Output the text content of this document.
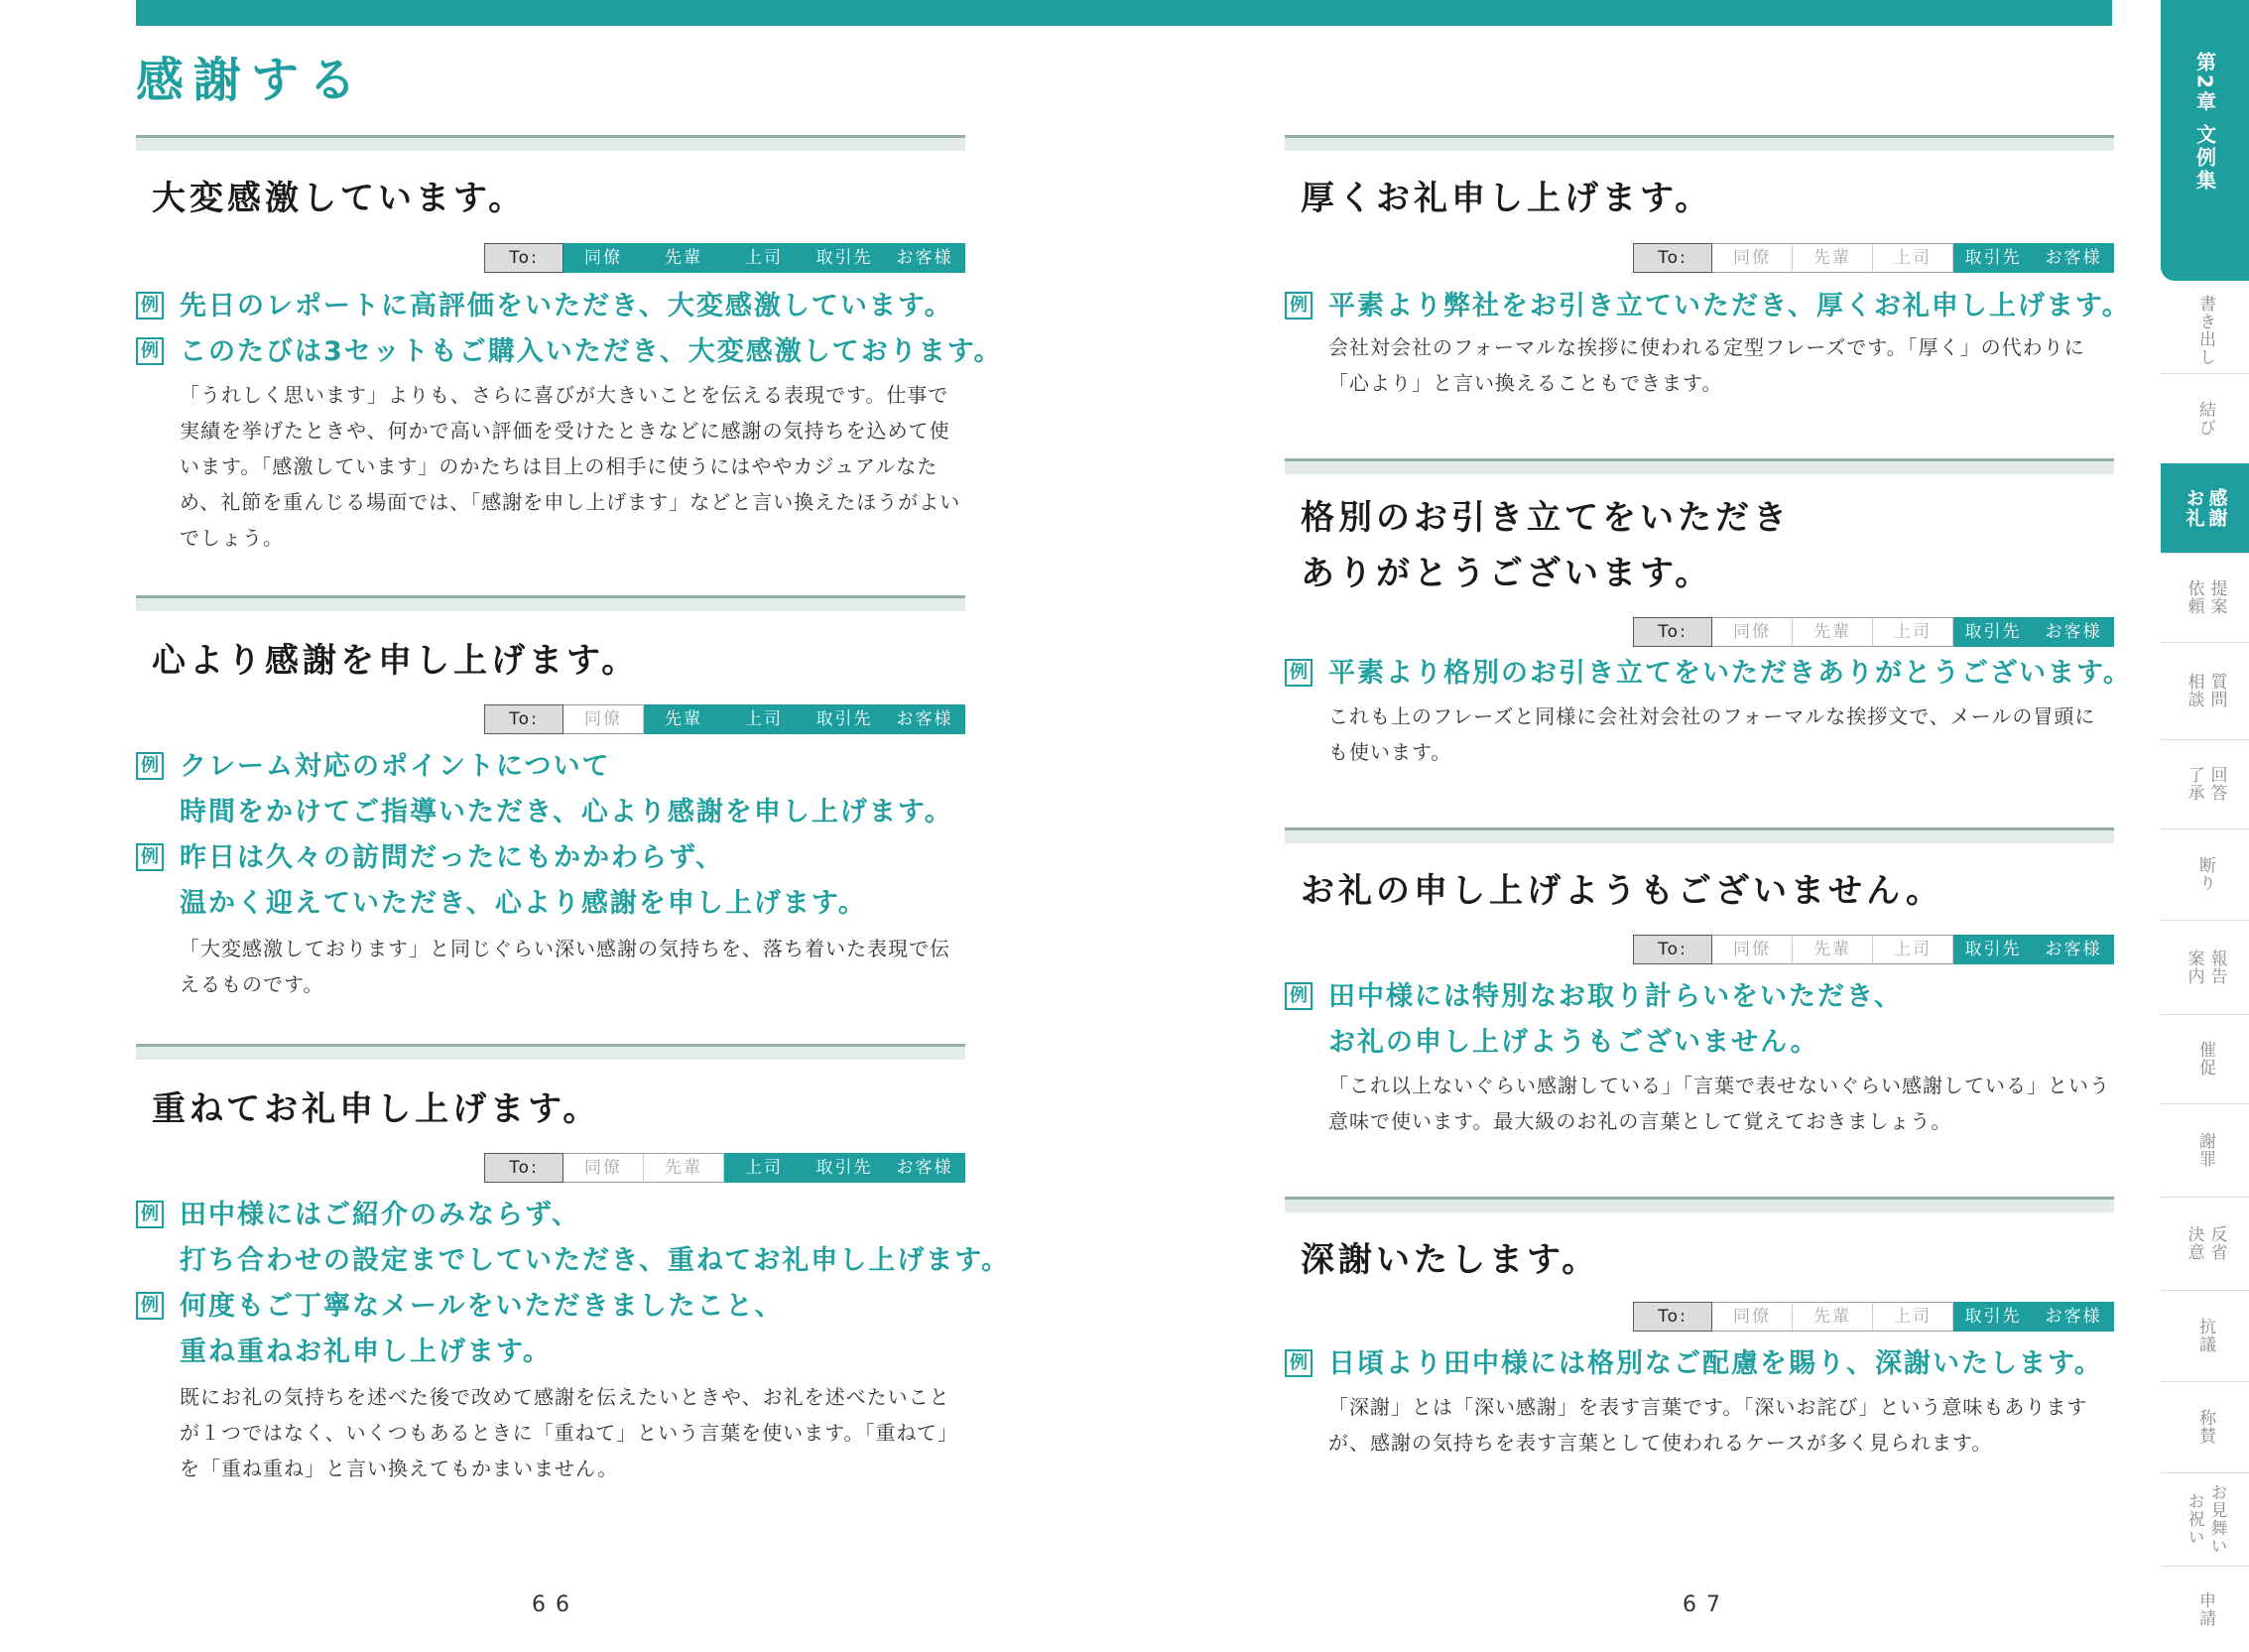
感謝する
大変感激しています。
To:	同僚	先輩	上司	取引先	お客様
例 先日のレポートに高評価をいただき、大変感激しています。
例 このたびは3セットもご購入いただき、大変感激しております。

「うれしく思います」よりも、さらに喜びが大きいことを伝える表現です。仕事で実績を挙げたときや、何かで高い評価を受けたときなどに感謝の気持ちを込めて使います。「感激しています」のかたちは目上の相手に使うにはややカジュアルなため、礼節を重んじる場面では、「感謝を申し上げます」などと言い換えたほうがよいでしょう。

心より感謝を申し上げます。
To:	同僚	先輩	上司	取引先	お客様
例 クレーム対応のポイントについて
時間をかけてご指導いただき、心より感謝を申し上げます。
例 昨日は久々の訪問だったにもかかわらず、
温かく迎えていただき、心より感謝を申し上げます。

「大変感激しております」と同じぐらい深い感謝の気持ちを、落ち着いた表現で伝えるものです。

重ねてお礼申し上げます。
To:	同僚	先輩	上司	取引先	お客様
例 田中様にはご紹介のみならず、
打ち合わせの設定までしていただき、重ねてお礼申し上げます。
例 何度もご丁寧なメールをいただきましたこと、
重ね重ねお礼申し上げます。

既にお礼の気持ちを述べた後で改めて感謝を伝えたいときや、お礼を述べたいことが１つではなく、いくつもあるときに「重ねて」という言葉を使います。「重ねて」を「重ね重ね」と言い換えてもかまいません。

厚くお礼申し上げます。
To:	同僚	先輩	上司	取引先	お客様
例 平素より弊社をお引き立ていただき、厚くお礼申し上げます。

会社対会社のフォーマルな挨拶に使われる定型フレーズです。「厚く」の代わりに「心より」と言い換えることもできます。

格別のお引き立てをいただき
ありがとうございます。
To:	同僚	先輩	上司	取引先	お客様
例 平素より格別のお引き立てをいただきありがとうございます。

これも上のフレーズと同様に会社対会社のフォーマルな挨拶文で、メールの冒頭にも使います。

お礼の申し上げようもございません。
To:	同僚	先輩	上司	取引先	お客様
例 田中様には特別なお取り計らいをいただき、
お礼の申し上げようもございません。

「これ以上ないぐらい感謝している」「言葉で表せないぐらい感謝している」という意味で使います。最大級のお礼の言葉として覚えておきましょう。

深謝いたします。
To:	同僚	先輩	上司	取引先	お客様
例 日頃より田中様には格別なご配慮を賜り、深謝いたします。

「深謝」とは「深い感謝」を表す言葉です。「深いお詫び」という意味もありますが、感謝の気持ちを表す言葉として使われるケースが多く見られます。

66	67
第2章 文例集
書き出し
結び
お礼 感謝
依頼 提案
相談 質問
了承 回答
断り
案内 報告
催促
謝罪
決意 反省
抗議
称賛
お祝い お見舞い
申請
